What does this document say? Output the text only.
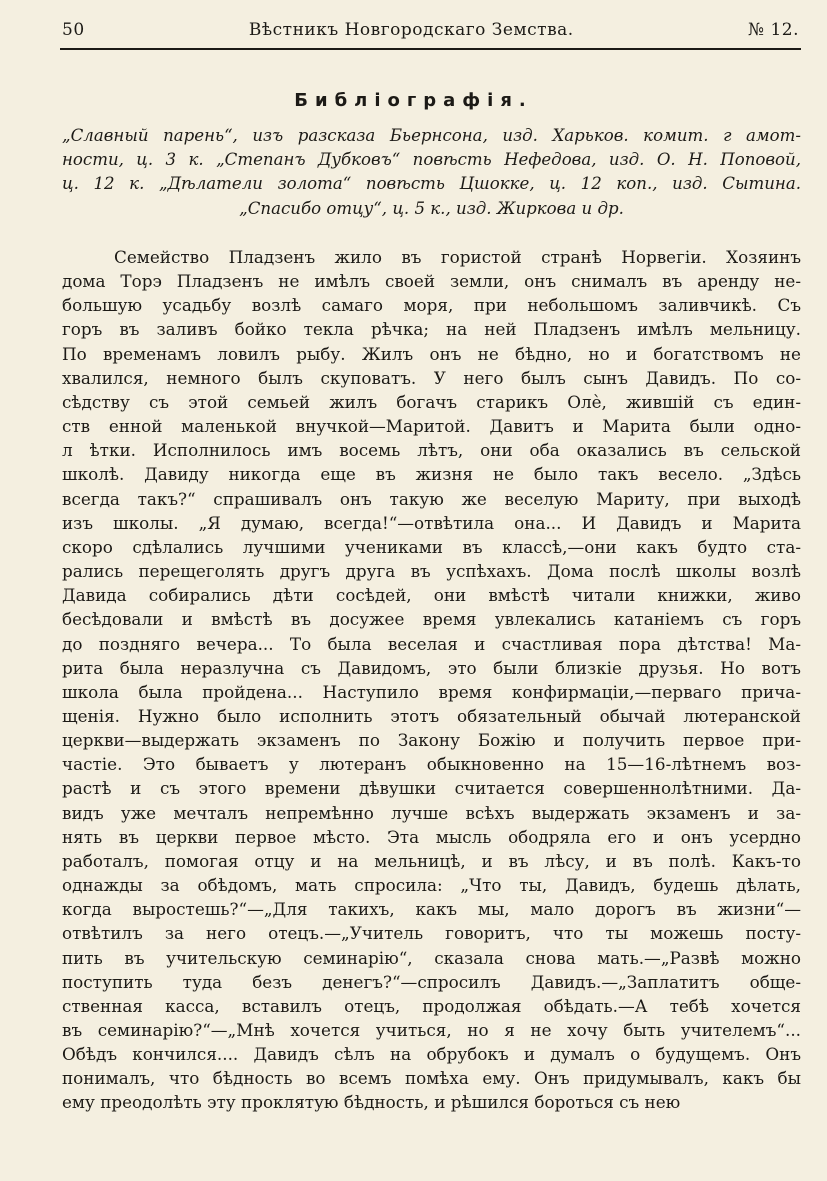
50	Вѣстникъ Новгородскаго Земства.	№ 12.
Библіографія.
„Славный парень“, изъ разсказа Бьернсона, изд. Харьков. комит. г амот-
ности, ц. 3 к. „Степанъ Дубковъ“ повѣсть Нефедова, изд. О. Н. Поповой,
ц. 12 к. „Дѣлатели золота“ повѣсть Цшокке, ц. 12 коп., изд. Сытина.
„Спасибо отцу“, ц. 5 к., изд. Жиркова и др.
Семейство Пладзенъ жило въ гористой странѣ Норвегіи. Хозяинъ
дома Торэ Пладзенъ не имѣлъ своей земли, онъ снималъ въ аренду не-
большую усадьбу возлѣ самаго моря, при небольшомъ заливчикѣ. Съ
горъ въ заливъ бойко текла рѣчка; на ней Пладзенъ имѣлъ мельницу.
По временамъ ловилъ рыбу. Жилъ онъ не бѣдно, но и богатствомъ не
хвалился, немного былъ скуповатъ. У него былъ сынъ Давидъ. По со-
сѣдству съ этой семьей жилъ богачъ старикъ Олѐ, жившій съ един-
ств енной маленькой внучкой—Маритой. Давитъ и Марита были одно-
л ѣтки. Исполнилось имъ восемь лѣтъ, они оба оказались въ сельской
школѣ. Давиду никогда еще въ жизня не было такъ весело. „Здѣсь
всегда такъ?“ спрашивалъ онъ такую же веселую Мариту, при выходѣ
изъ школы. „Я думаю, всегда!“—отвѣтила она... И Давидъ и Марита
скоро сдѣлались лучшими учениками въ классѣ,—они какъ будто ста-
рались перещеголять другъ друга въ успѣхахъ. Дома послѣ школы возлѣ
Давида собирались дѣти сосѣдей, они вмѣстѣ читали книжки, живо
бесѣдовали и вмѣстѣ въ досужее время увлекались катаніемъ съ горъ
до поздняго вечера... То была веселая и счастливая пора дѣтства! Ма-
рита была неразлучна съ Давидомъ, это были близкіе друзья. Но вотъ
школа была пройдена... Наступило время конфирмаціи,—перваго прича-
щенія. Нужно было исполнить этотъ обязательный обычай лютеранской
церкви—выдержать экзаменъ по Закону Божію и получить первое при-
частіе. Это бываетъ у лютеранъ обыкновенно на 15—16-лѣтнемъ воз-
растѣ и съ этого времени дѣвушки считается совершеннолѣтними. Да-
видъ уже мечталъ непремѣнно лучше всѣхъ выдержать экзаменъ и за-
нять въ церкви первое мѣсто. Эта мысль ободряла его и онъ усердно
работалъ, помогая отцу и на мельницѣ, и въ лѣсу, и въ полѣ. Какъ-то
однажды за обѣдомъ, мать спросила: „Что ты, Давидъ, будешь дѣлать,
когда выростешь?“—„Для такихъ, какъ мы, мало дорогъ въ жизни“—
отвѣтилъ за него отецъ.—„Учитель говоритъ, что ты можешь посту-
пить въ учительскую семинарію“, сказала снова мать.—„Развѣ можно
поступить туда безъ денегъ?“—спросилъ Давидъ.—„Заплатитъ обще-
ственная касса, вставилъ отецъ, продолжая обѣдать.—А тебѣ хочется
въ семинарію?“—„Мнѣ хочется учиться, но я не хочу быть учителемъ“...
Обѣдъ кончился.... Давидъ сѣлъ на обрубокъ и думалъ о будущемъ. Онъ
понималъ, что бѣдность во всемъ помѣха ему. Онъ придумывалъ, какъ бы
ему преодолѣть эту проклятую бѣдность, и рѣшился бороться съ нею
